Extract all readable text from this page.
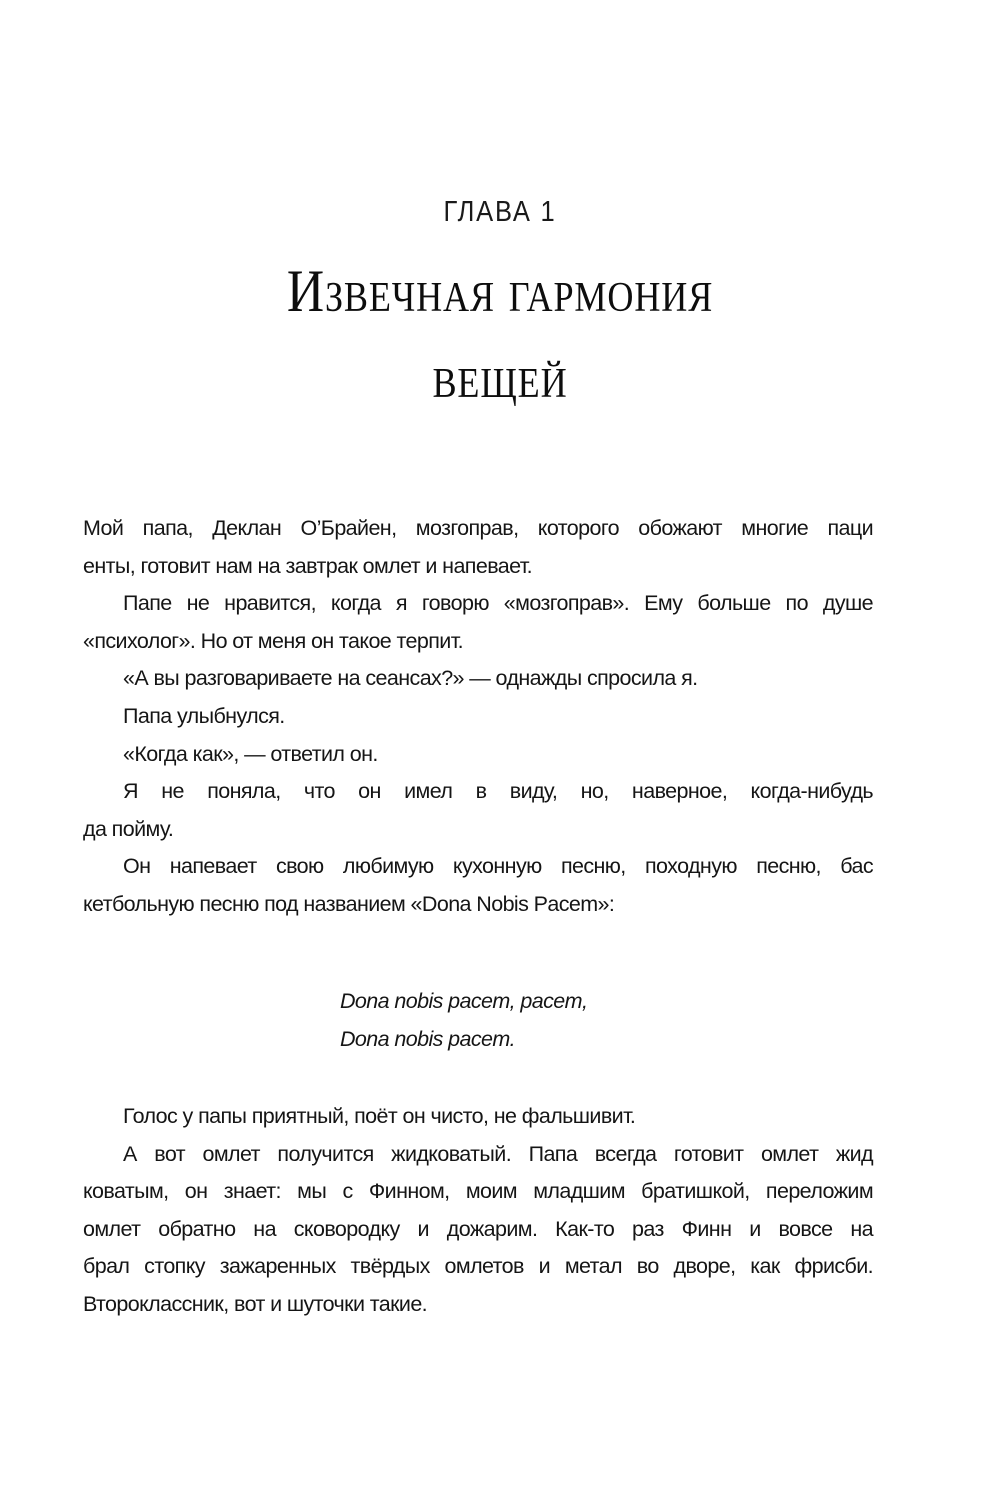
ГЛАВА 1
Извечная гармония
вещей
Мой папа, Деклан О’Брайен, мозгоправ, которого обожают многие паци
енты, готовит нам на завтрак омлет и напевает.
Папе не нравится, когда я говорю «мозгоправ». Ему больше по душе
«психолог». Но от меня он такое терпит.
«А вы разговариваете на сеансах?» — однажды спросила я.
Папа улыбнулся.
«Когда как», — ответил он.
Я не поняла, что он имел в виду, но, наверное, когда-нибудь
да пойму.
Он напевает свою любимую кухонную песню, походную песню, бас
кетбольную песню под названием «Dona Nobis Pacem»:
Dona nobis pacem, pacem,
Dona nobis pacem.
Голос у папы приятный, поёт он чисто, не фальшивит.
А вот омлет получится жидковатый. Папа всегда готовит омлет жид
коватым, он знает: мы с Финном, моим младшим братишкой, переложим
омлет обратно на сковородку и дожарим. Как-то раз Финн и вовсе на
брал стопку зажаренных твёрдых омлетов и метал во дворе, как фрисби.
Второклассник, вот и шуточки такие.
